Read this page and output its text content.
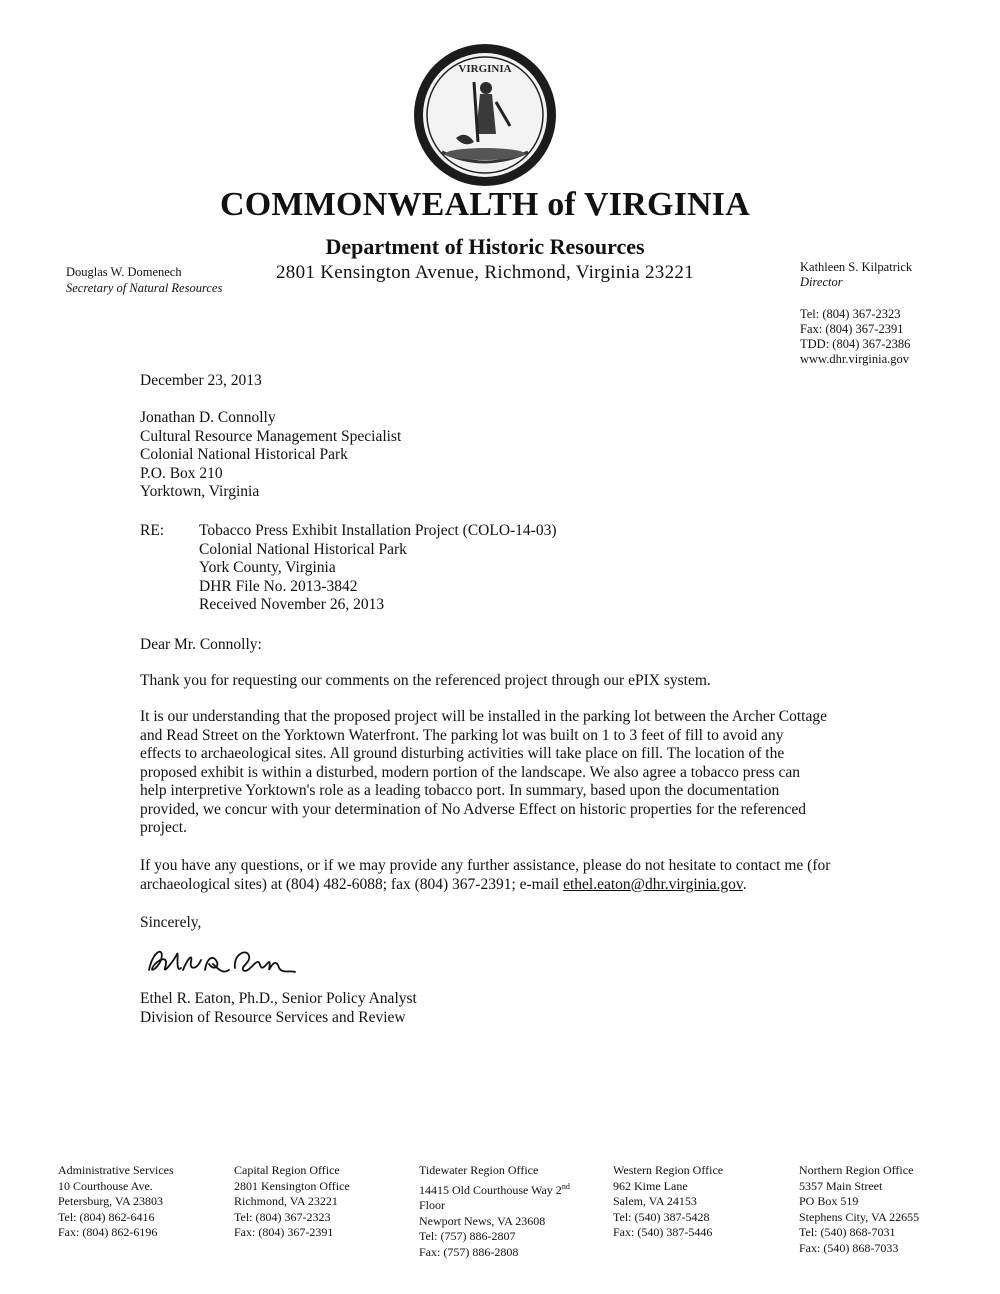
VIRGINIA
COMMONWEALTH of VIRGINIA
Department of Historic Resources
2801 Kensington Avenue, Richmond, Virginia 23221
Douglas W. Domenech
Secretary of Natural Resources
Kathleen S. Kilpatrick
Director
Tel: (804) 367-2323
Fax: (804) 367-2391
TDD: (804) 367-2386
www.dhr.virginia.gov
December 23, 2013
Jonathan D. Connolly
Cultural Resource Management Specialist
Colonial National Historical Park
P.O. Box 210
Yorktown, Virginia
RE: Tobacco Press Exhibit Installation Project (COLO-14-03)
Colonial National Historical Park
York County, Virginia
DHR File No. 2013-3842
Received November 26, 2013
Dear Mr. Connolly:
Thank you for requesting our comments on the referenced project through our ePIX system.
It is our understanding that the proposed project will be installed in the parking lot between the Archer Cottage
and Read Street on the Yorktown Waterfront. The parking lot was built on 1 to 3 feet of fill to avoid any
effects to archaeological sites. All ground disturbing activities will take place on fill. The location of the
proposed exhibit is within a disturbed, modern portion of the landscape. We also agree a tobacco press can
help interpretive Yorktown's role as a leading tobacco port. In summary, based upon the documentation
provided, we concur with your determination of No Adverse Effect on historic properties for the referenced
project.
If you have any questions, or if we may provide any further assistance, please do not hesitate to contact me (for
archaeological sites) at (804) 482-6088; fax (804) 367-2391; e-mail ethel.eaton@dhr.virginia.gov.
Sincerely,
Ethel R. Eaton, Ph.D., Senior Policy Analyst
Division of Resource Services and Review
Administrative Services
10 Courthouse Ave.
Petersburg, VA 23803
Tel: (804) 862-6416
Fax: (804) 862-6196
Capital Region Office
2801 Kensington Office
Richmond, VA 23221
Tel: (804) 367-2323
Fax: (804) 367-2391
Tidewater Region Office
14415 Old Courthouse Way 2nd
Floor
Newport News, VA 23608
Tel: (757) 886-2807
Fax: (757) 886-2808
Western Region Office
962 Kime Lane
Salem, VA 24153
Tel: (540) 387-5428
Fax: (540) 387-5446
Northern Region Office
5357 Main Street
PO Box 519
Stephens City, VA 22655
Tel: (540) 868-7031
Fax: (540) 868-7033
